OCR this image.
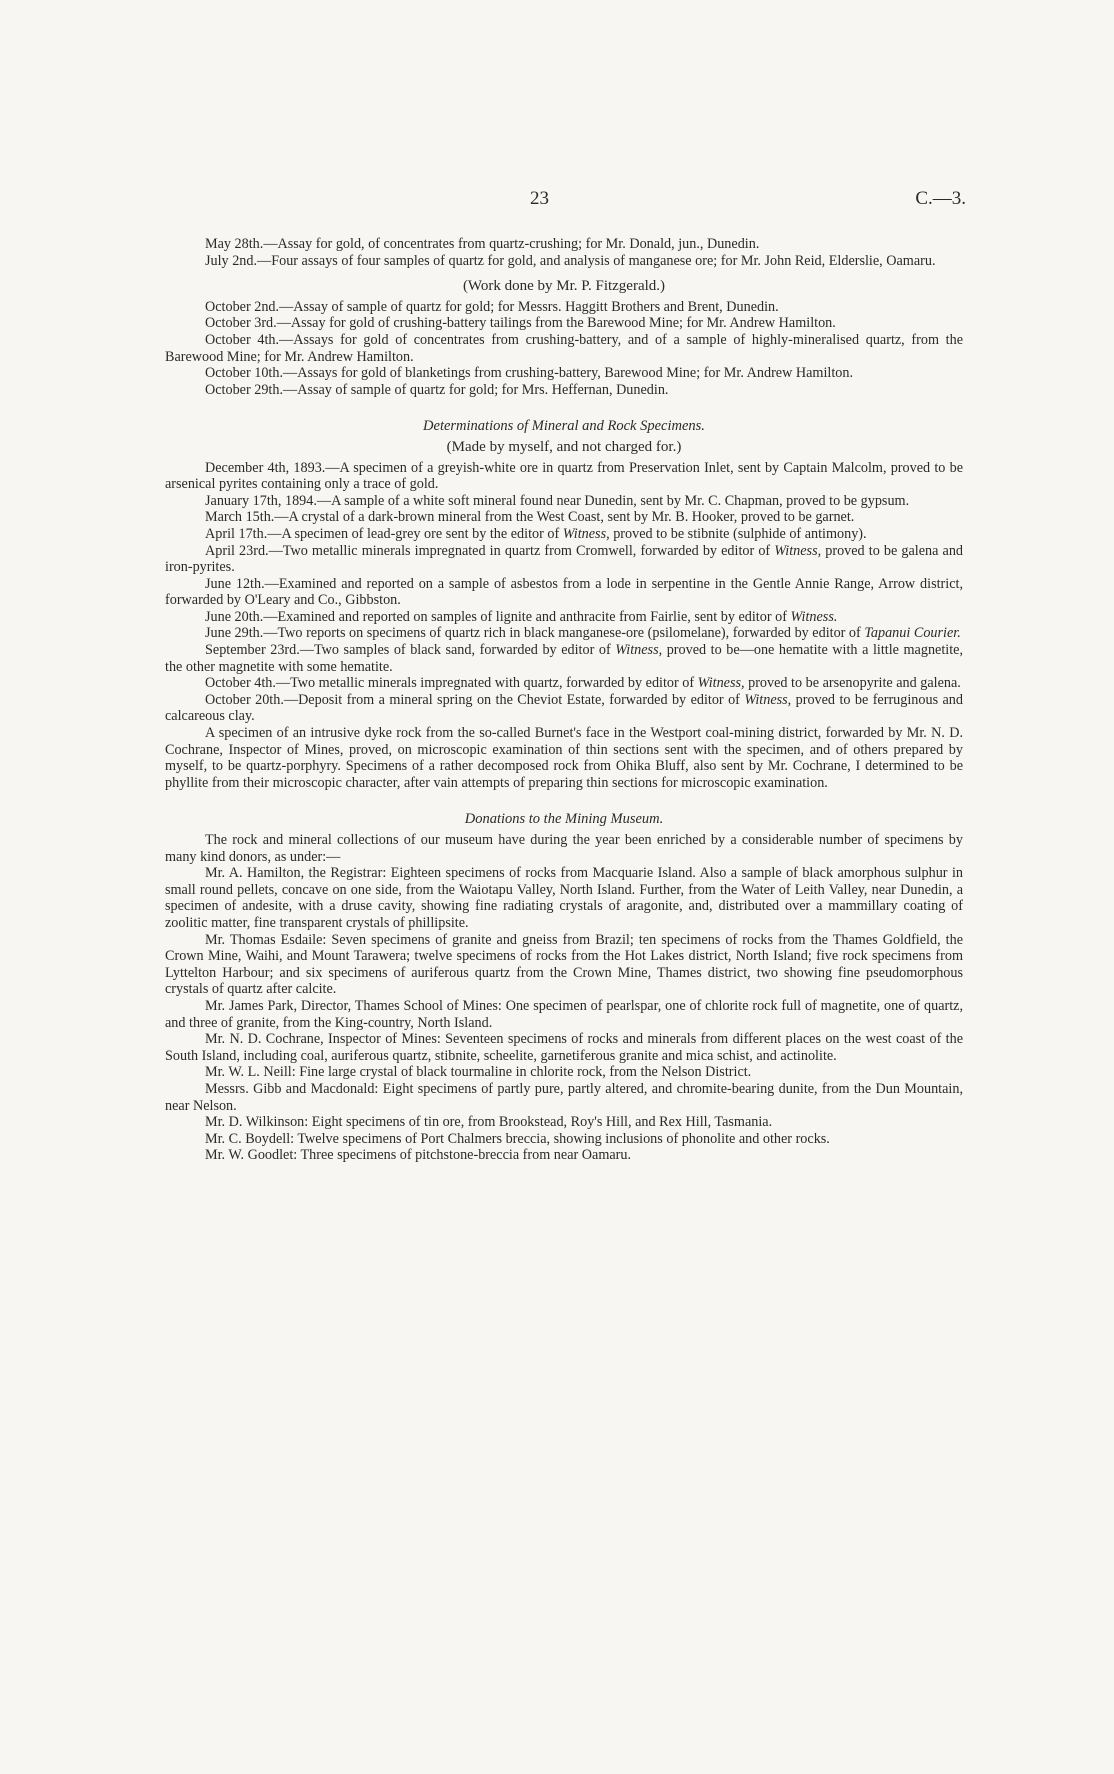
23	C.—3.

May 28th.—Assay for gold, of concentrates from quartz-crushing; for Mr. Donald, jun., Dunedin.

July 2nd.—Four assays of four samples of quartz for gold, and analysis of manganese ore; for Mr. John Reid, Elderslie, Oamaru.

(Work done by Mr. P. Fitzgerald.)

October 2nd.—Assay of sample of quartz for gold; for Messrs. Haggitt Brothers and Brent, Dunedin.

October 3rd.—Assay for gold of crushing-battery tailings from the Barewood Mine; for Mr. Andrew Hamilton.

October 4th.—Assays for gold of concentrates from crushing-battery, and of a sample of highly-mineralised quartz, from the Barewood Mine; for Mr. Andrew Hamilton.

October 10th.—Assays for gold of blanketings from crushing-battery, Barewood Mine; for Mr. Andrew Hamilton.

October 29th.—Assay of sample of quartz for gold; for Mrs. Heffernan, Dunedin.

Determinations of Mineral and Rock Specimens.

(Made by myself, and not charged for.)

December 4th, 1893.—A specimen of a greyish-white ore in quartz from Preservation Inlet, sent by Captain Malcolm, proved to be arsenical pyrites containing only a trace of gold.

January 17th, 1894.—A sample of a white soft mineral found near Dunedin, sent by Mr. C. Chapman, proved to be gypsum.

March 15th.—A crystal of a dark-brown mineral from the West Coast, sent by Mr. B. Hooker, proved to be garnet.

April 17th.—A specimen of lead-grey ore sent by the editor of Witness, proved to be stibnite (sulphide of antimony).

April 23rd.—Two metallic minerals impregnated in quartz from Cromwell, forwarded by editor of Witness, proved to be galena and iron-pyrites.

June 12th.—Examined and reported on a sample of asbestos from a lode in serpentine in the Gentle Annie Range, Arrow district, forwarded by O'Leary and Co., Gibbston.

June 20th.—Examined and reported on samples of lignite and anthracite from Fairlie, sent by editor of Witness.

June 29th.—Two reports on specimens of quartz rich in black manganese-ore (psilomelane), forwarded by editor of Tapanui Courier.

September 23rd.—Two samples of black sand, forwarded by editor of Witness, proved to be—one hematite with a little magnetite, the other magnetite with some hematite.

October 4th.—Two metallic minerals impregnated with quartz, forwarded by editor of Witness, proved to be arsenopyrite and galena.

October 20th.—Deposit from a mineral spring on the Cheviot Estate, forwarded by editor of Witness, proved to be ferruginous and calcareous clay.

A specimen of an intrusive dyke rock from the so-called Burnet's face in the Westport coal-mining district, forwarded by Mr. N. D. Cochrane, Inspector of Mines, proved, on microscopic examination of thin sections sent with the specimen, and of others prepared by myself, to be quartz-porphyry. Specimens of a rather decomposed rock from Ohika Bluff, also sent by Mr. Cochrane, I determined to be phyllite from their microscopic character, after vain attempts of preparing thin sections for microscopic examination.

Donations to the Mining Museum.

The rock and mineral collections of our museum have during the year been enriched by a considerable number of specimens by many kind donors, as under:—

Mr. A. Hamilton, the Registrar: Eighteen specimens of rocks from Macquarie Island. Also a sample of black amorphous sulphur in small round pellets, concave on one side, from the Waiotapu Valley, North Island. Further, from the Water of Leith Valley, near Dunedin, a specimen of andesite, with a druse cavity, showing fine radiating crystals of aragonite, and, distributed over a mammillary coating of zoolitic matter, fine transparent crystals of phillipsite.

Mr. Thomas Esdaile: Seven specimens of granite and gneiss from Brazil; ten specimens of rocks from the Thames Goldfield, the Crown Mine, Waihi, and Mount Tarawera; twelve specimens of rocks from the Hot Lakes district, North Island; five rock specimens from Lyttelton Harbour; and six specimens of auriferous quartz from the Crown Mine, Thames district, two showing fine pseudomorphous crystals of quartz after calcite.

Mr. James Park, Director, Thames School of Mines: One specimen of pearlspar, one of chlorite rock full of magnetite, one of quartz, and three of granite, from the King-country, North Island.

Mr. N. D. Cochrane, Inspector of Mines: Seventeen specimens of rocks and minerals from different places on the west coast of the South Island, including coal, auriferous quartz, stibnite, scheelite, garnetiferous granite and mica schist, and actinolite.

Mr. W. L. Neill: Fine large crystal of black tourmaline in chlorite rock, from the Nelson District.

Messrs. Gibb and Macdonald: Eight specimens of partly pure, partly altered, and chromite-bearing dunite, from the Dun Mountain, near Nelson.

Mr. D. Wilkinson: Eight specimens of tin ore, from Brookstead, Roy's Hill, and Rex Hill, Tasmania.

Mr. C. Boydell: Twelve specimens of Port Chalmers breccia, showing inclusions of phonolite and other rocks.

Mr. W. Goodlet: Three specimens of pitchstone-breccia from near Oamaru.
